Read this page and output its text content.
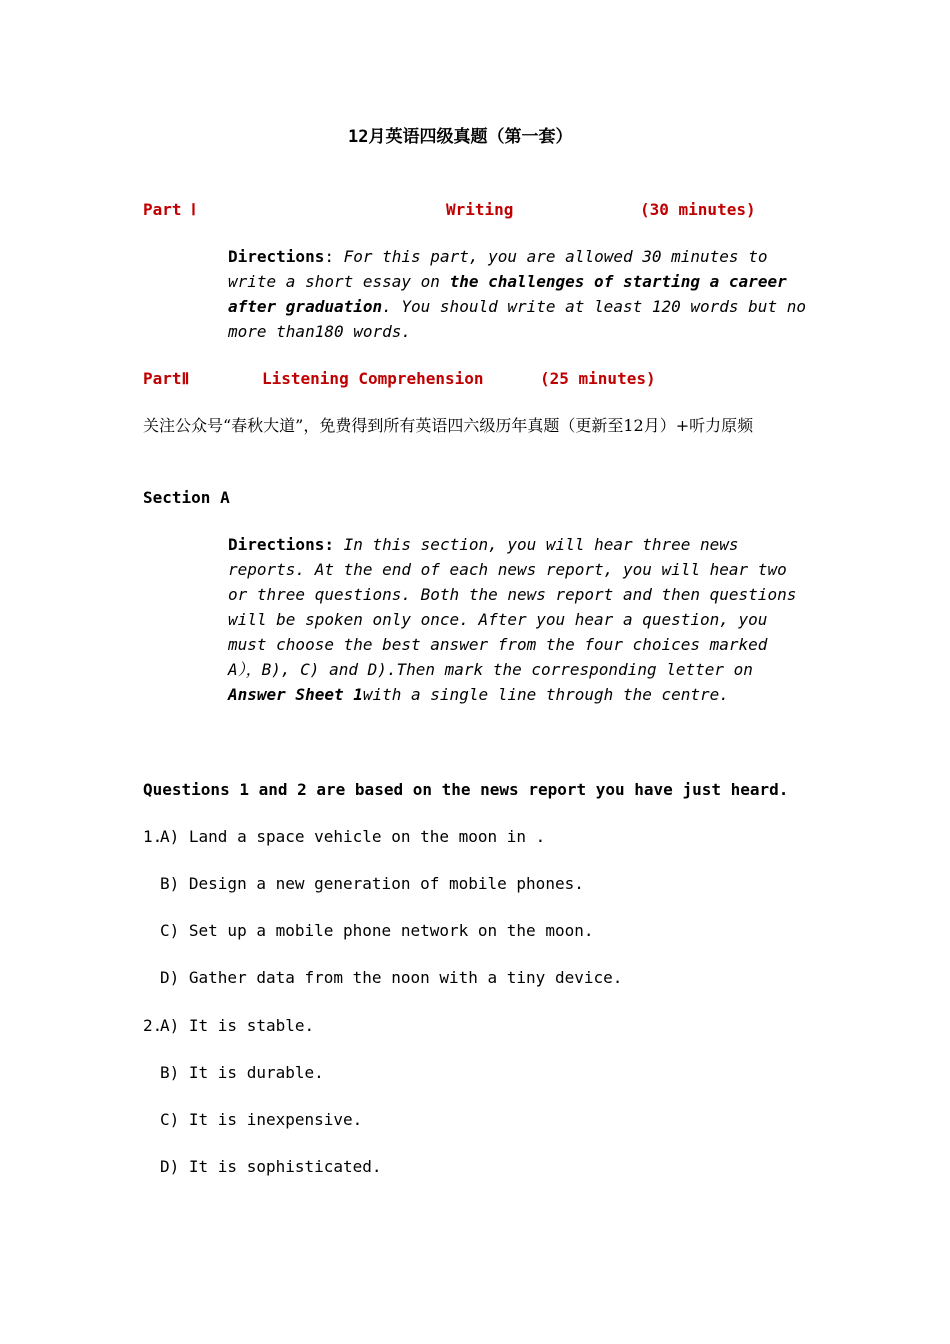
12月英语四级真题（第一套）
Part Ⅰ	Writing	(30 minutes)
Directions: For this part, you are allowed 30 minutes to write a short essay on the challenges of starting a career after graduation. You should write at least 120 words but no more than180 words.
PartⅡ	Listening Comprehension	(25 minutes)
关注公众号“春秋大道”，免费得到所有英语四六级历年真题（更新至12月）+听力原频
Section A
Directions: In this section, you will hear three news reports. At the end of each news report, you will hear two or three questions. Both the news report and then questions will be spoken only once. After you hear a question, you must choose the best answer from the four choices marked A），B), C) and D).Then mark the corresponding letter on Answer Sheet 1with a single line through the centre.
Questions 1 and 2 are based on the news report you have just heard.
1.
A) Land a space vehicle on the moon in .
B) Design a new generation of mobile phones.
C) Set up a mobile phone network on the moon.
D) Gather data from the noon with a tiny device.
2.
A) It is stable.
B) It is durable.
C) It is inexpensive.
D) It is sophisticated.
